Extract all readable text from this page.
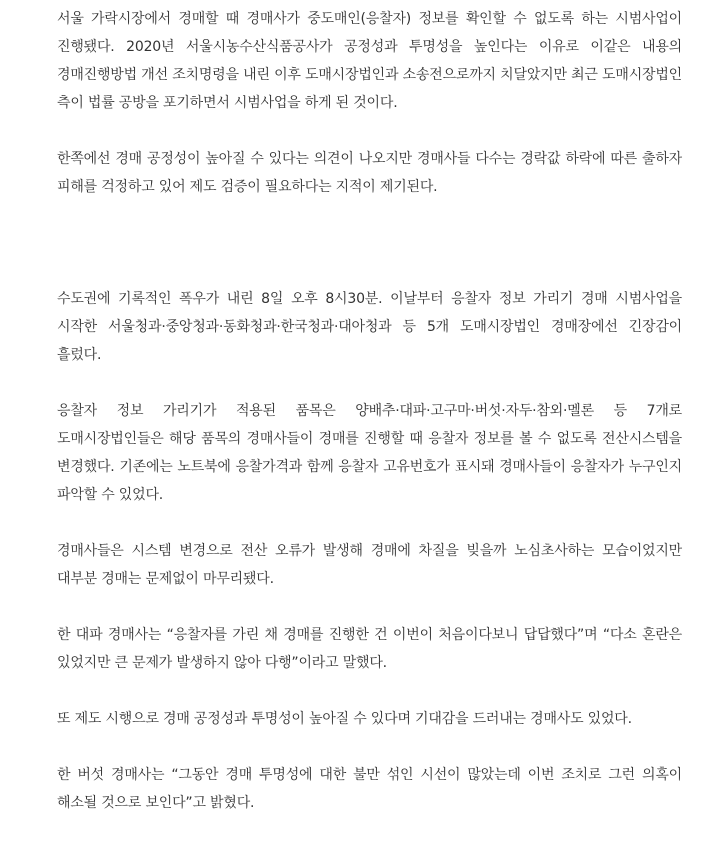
서울 가락시장에서 경매할 때 경매사가 중도매인(응찰자) 정보를 확인할 수 없도록 하는 시범사업이 진행됐다. 2020년 서울시농수산식품공사가 공정성과 투명성을 높인다는 이유로 이같은 내용의 경매진행방법 개선 조치명령을 내린 이후 도매시장법인과 소송전으로까지 치달았지만 최근 도매시장법인 측이 법률 공방을 포기하면서 시범사업을 하게 된 것이다.

한쪽에선 경매 공정성이 높아질 수 있다는 의견이 나오지만 경매사들 다수는 경락값 하락에 따른 출하자 피해를 걱정하고 있어 제도 검증이 필요하다는 지적이 제기된다.

수도권에 기록적인 폭우가 내린 8일 오후 8시30분. 이날부터 응찰자 정보 가리기 경매 시범사업을 시작한 서울청과·중앙청과·동화청과·한국청과·대아청과 등 5개 도매시장법인 경매장에선 긴장감이 흘렀다.

응찰자 정보 가리기가 적용된 품목은 양배추·대파·고구마·버섯·자두·참외·멜론 등 7개로 도매시장법인들은 해당 품목의 경매사들이 경매를 진행할 때 응찰자 정보를 볼 수 없도록 전산시스템을 변경했다. 기존에는 노트북에 응찰가격과 함께 응찰자 고유번호가 표시돼 경매사들이 응찰자가 누구인지 파악할 수 있었다.

경매사들은 시스템 변경으로 전산 오류가 발생해 경매에 차질을 빚을까 노심초사하는 모습이었지만 대부분 경매는 문제없이 마무리됐다.

한 대파 경매사는 “응찰자를 가린 채 경매를 진행한 건 이번이 처음이다보니 답답했다”며 “다소 혼란은 있었지만 큰 문제가 발생하지 않아 다행”이라고 말했다.

또 제도 시행으로 경매 공정성과 투명성이 높아질 수 있다며 기대감을 드러내는 경매사도 있었다.

한 버섯 경매사는 “그동안 경매 투명성에 대한 불만 섞인 시선이 많았는데 이번 조치로 그런 의혹이 해소될 것으로 보인다”고 밝혔다.
